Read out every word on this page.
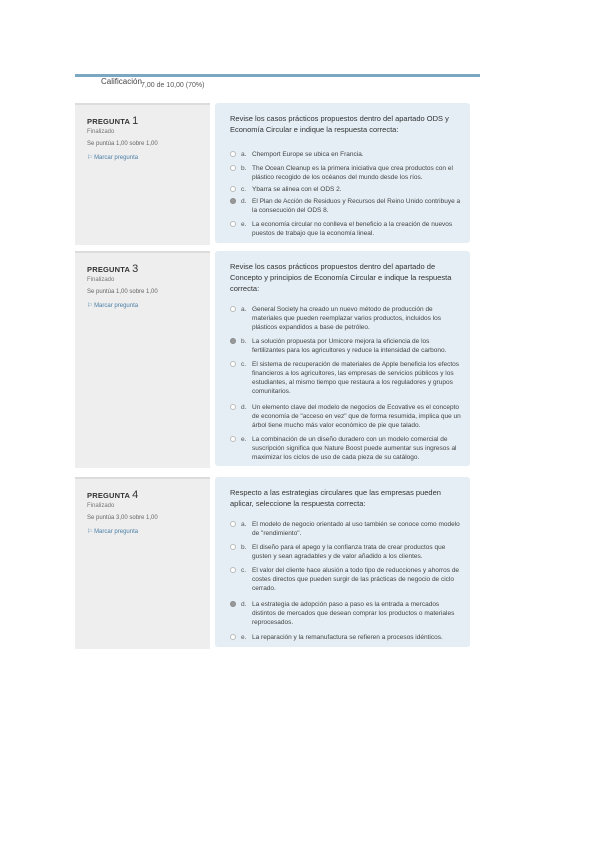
Calificación 7,00 de 10,00 (70%)
PREGUNTA 1
Finalizado
Se puntúa 1,00 sobre 1,00
⚐ Marcar pregunta
Revise los casos prácticos propuestos dentro del apartado ODS y Economía Circular e indique la respuesta correcta:
a. Chemport Europe se ubica en Francia.
b. The Ocean Cleanup es la primera iniciativa que crea productos con el plástico recogido de los océanos del mundo desde los ríos.
c. Ybarra se alinea con el ODS 2.
d. El Plan de Acción de Residuos y Recursos del Reino Unido contribuye a la consecución del ODS 8.
e. La economía circular no conlleva el beneficio a la creación de nuevos puestos de trabajo que la economía lineal.
PREGUNTA 3
Finalizado
Se puntúa 1,00 sobre 1,00
⚐ Marcar pregunta
Revise los casos prácticos propuestos dentro del apartado de Concepto y principios de Economía Circular e indique la respuesta correcta:
a. General Society ha creado un nuevo método de producción de materiales que pueden reemplazar varios productos, incluidos los plásticos expandidos a base de petróleo.
b. La solución propuesta por Umicore mejora la eficiencia de los fertilizantes para los agricultores y reduce la intensidad de carbono.
c. El sistema de recuperación de materiales de Apple beneficia los efectos financieros a los agricultores, las empresas de servicios públicos y los estudiantes, al mismo tiempo que restaura a los reguladores y grupos comunitarios.
d. Un elemento clave del modelo de negocios de Ecovative es el concepto de economía de "acceso en vez" que de forma resumida, implica que un árbol tiene mucho más valor económico de pie que talado.
e. La combinación de un diseño duradero con un modelo comercial de suscripción significa que Nature Boost puede aumentar sus ingresos al maximizar los ciclos de uso de cada pieza de su catálogo.
PREGUNTA 4
Finalizado
Se puntúa 3,00 sobre 1,00
⚐ Marcar pregunta
Respecto a las estrategias circulares que las empresas pueden aplicar, seleccione la respuesta correcta:
a. El modelo de negocio orientado al uso también se conoce como modelo de "rendimiento".
b. El diseño para el apego y la confianza trata de crear productos que gusten y sean agradables y de valor añadido a los clientes.
c. El valor del cliente hace alusión a todo tipo de reducciones y ahorros de costes directos que pueden surgir de las prácticas de negocio de ciclo cerrado.
d. La estrategia de adopción paso a paso es la entrada a mercados distintos de mercados que desean comprar los productos o materiales reprocesados.
e. La reparación y la remanufactura se refieren a procesos idénticos.
